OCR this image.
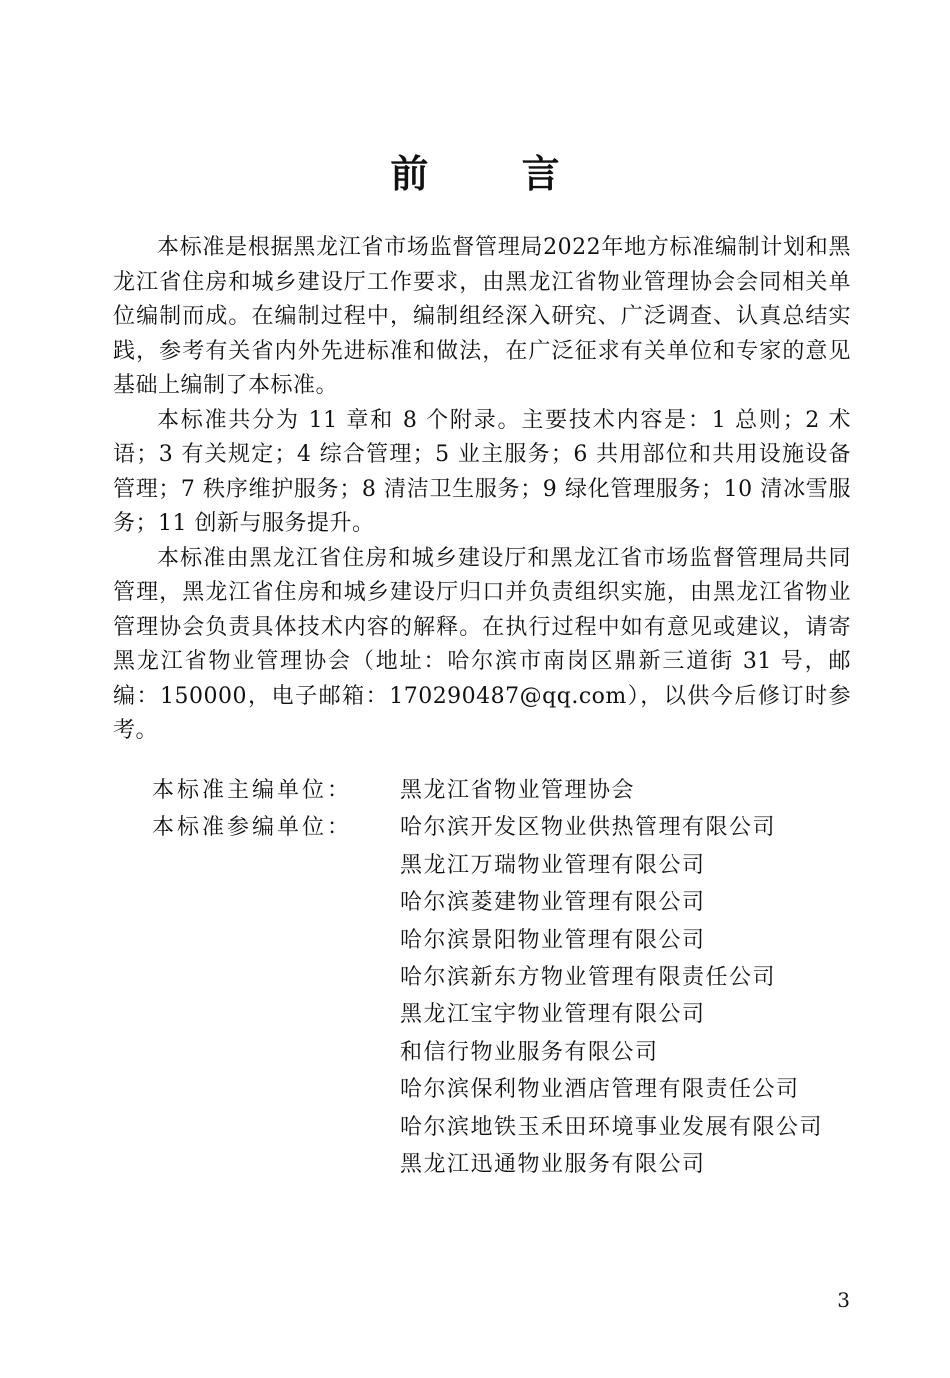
前 言

本标准是根据黑龙江省市场监督管理局2022年地方标准编制计划和黑龙江省住房和城乡建设厅工作要求，由黑龙江省物业管理协会会同相关单位编制而成。在编制过程中，编制组经深入研究、广泛调查、认真总结实践，参考有关省内外先进标准和做法，在广泛征求有关单位和专家的意见基础上编制了本标准。

本标准共分为 11 章和 8 个附录。主要技术内容是：1 总则；2 术语；3 有关规定；4 综合管理；5 业主服务；6 共用部位和共用设施设备管理；7 秩序维护服务；8 清洁卫生服务；9 绿化管理服务；10 清冰雪服务；11 创新与服务提升。

本标准由黑龙江省住房和城乡建设厅和黑龙江省市场监督管理局共同管理，黑龙江省住房和城乡建设厅归口并负责组织实施，由黑龙江省物业管理协会负责具体技术内容的解释。在执行过程中如有意见或建议，请寄黑龙江省物业管理协会（地址：哈尔滨市南岗区鼎新三道街 31 号，邮编：150000，电子邮箱：170290487@qq.com），以供今后修订时参考。

本标准主编单位：	黑龙江省物业管理协会
本标准参编单位：	哈尔滨开发区物业供热管理有限公司
黑龙江万瑞物业管理有限公司
哈尔滨菱建物业管理有限公司
哈尔滨景阳物业管理有限公司
哈尔滨新东方物业管理有限责任公司
黑龙江宝宇物业管理有限公司
和信行物业服务有限公司
哈尔滨保利物业酒店管理有限责任公司
哈尔滨地铁玉禾田环境事业发展有限公司
黑龙江迅通物业服务有限公司
3
